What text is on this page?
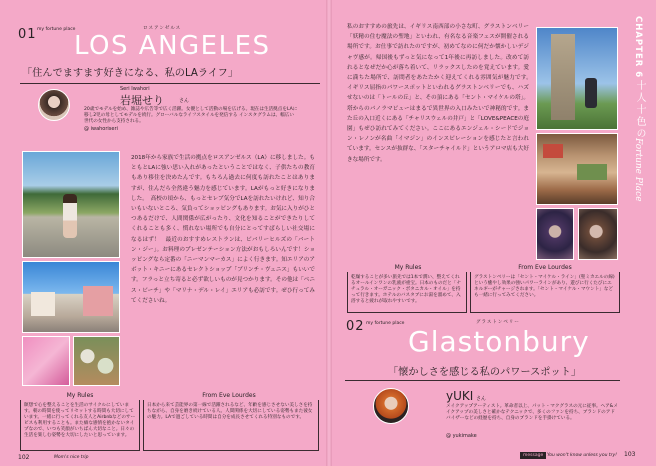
01 my fortune place	ロスアンゼルス
LOS ANGELES
「住んでますます好きになる、私のLAライフ」
Seri Iwahori
岩堀せり	さん
20歳でモデルを始め、雑誌や広告等で広く活躍。女優として活動の場を広げる。現在は生活拠点をLAに移し2児の母としてモデルを続行。グローバルなライフスタイルを発信する インスタグラムは、幅広い世代の女性から支持される。
@ iwahoriseri
2018年から家族で生活の拠点をロスアンゼルス（LA）に移しました。もともとLAに強い思い入れがあったということではなく、子供たちの教育もあり移住を決めたんです。もちろん過去に何度も訪れたことはありますが、住んだら全然違う魅力を感じています。LAがもっと好きになりました。　高校の頃から、もっとセレブ気分でLAを訪れたいけれど、知り合いもいないところ、気負ってショッピングもあります。お気に入りがひとつあるだけで、人間関係が広がったり、文化を知ることができたりしてくれることも多く、慣れない場所でも自分にとってすばらしい社交場になるはず！　最近のおすすめレストランは、ビバリーヒルズの「バートン・ジー」。お料理のプレゼンテーション方法がおもしろいんです！ショッピングなら定番の「ニーマンマーカス」によく行きます。知エリアのアボット・キニーにあるセレクトショップ「ブリンチ・ヴェニス」もいいです。フラっと立ち寄ると必ず欲しいものが見つかります。その他は「ベニス・ビーチ」や「マリナ・デル・レイ」エリアも必訪です。ぜひ行ってみてくださいね。
My Rules
瞑想で心を整えることを生活のサイクルにしています。朝の時間を使ってリセットする時間も大切にしています。一緒に行ってくれる友人とAirbnbなどのサービスも利用することも。また癖な感情を抱かないタイプなので、いつも笑顔がいちばん大切なこと。日々の生活を楽しむ姿勢を大切にしたいと思っています。
From Eve Lourdes
日本から来て芸能界の第一線で活躍されるなど、年齢を感じさせない美しさを持ちながら、自身を磨き続けている人。人間関係を大切にしている姿勢もまた彼女の魅力。LAで過ごしている時間は自分を成長させてくれる特別なものです。
102	Mom's nice trip
私のおすすめの旅先は、イギリス南西部の小さな町、グラストンベリー「妖精の住む魔法の聖地」といわれ、有名なる音楽フェスが開催される場所です。お仕事で訪れたのですが、初めてなのに何だか懐かしいデジャヴ感が。帰国後もずっと気になって1年後に再訪しました。改めて訪れるとなぜだか心が落ち着いて、リラックスしたのを覚えています。愛に満ちた場所で、訪問者をあたたかく迎えてくれる雰囲気が魅力です。　イギリス屈指のパワースポットといわれるグラストンベリーでも、ハズせないのは「トールの丘」と、その頂にある「セント・マイケルの塔」。塔からのパノラマビューはまるで異世界の入口みたいで神秘的です。また丘の入口近くにある「チャリスウェルの井戸」と「LOVE&PEACEの庭園」もぜひ訪れてみてください。ここにあるエンジェル・シードでジョン・レノンが名曲「イマジン」のインスピレーションを感じたと言われています。センスが抜群な、「スターチャイルド」というアロマ店も大好きな場所です。
CHAPTER 6
十人十色の
Fortune Place
My Rules
乾燥することが多い旅先では1本で潤い、整えてくれるオールインワンの乳液が重宝。日本のものだと「ナチュラル・オーガニック・ボタニカル・オイル」を持って行きます。ホテルのバスタブにお湯を溜めて、入浴すると疲れが取れやすいです。
From Eve Lourdes
グラストンベリーは「セント・マイケル・ライン」(聖ミカエルの線) という癒やし効果の強いパワーラインがあり、遊びに行くたびにエネルギーがチャージされます。「セント・マイケル・マウント」なども一緒に行ってみてください。
02 my fortune place	グラストンベリー
Glastonbury
「懐かしさを感じる私のパワースポット」
yUKI さん
メイクアップアーティスト。革命者以上、パット・マクグラスの元に従事。ヘア&メイクアップの美しさと確かなテクニックで、多くのファンを持ち、ブランドのアドバイザーなどの経歴を持ち、自身のブランドを手掛けている。
@ yukimake
message You won't know unless you try! 103
